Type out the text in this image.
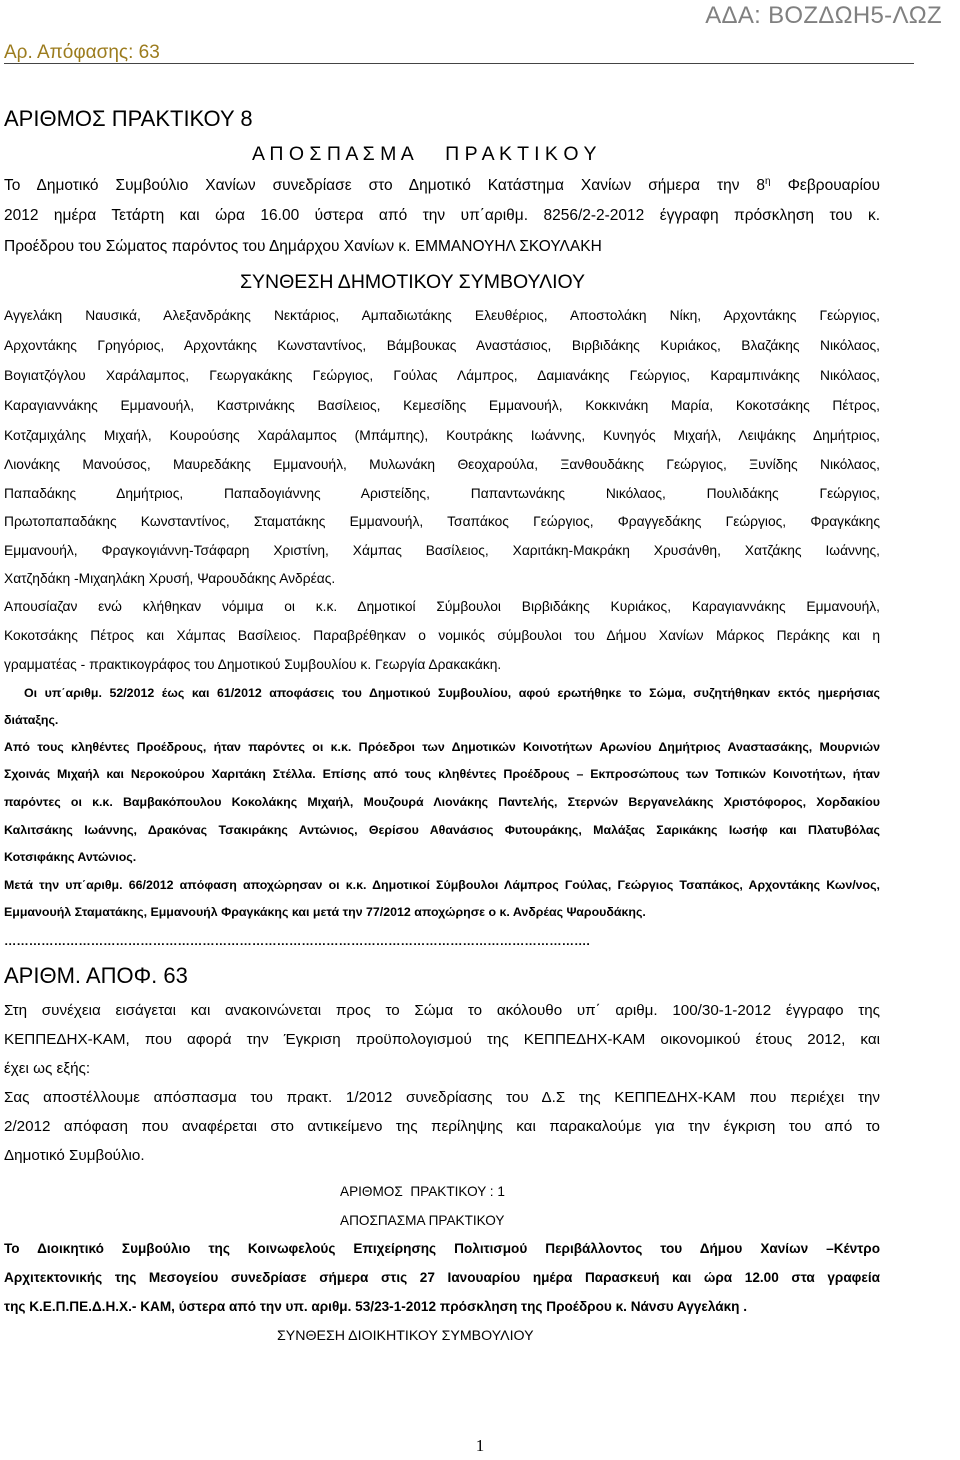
ΑΔΑ: ΒΟΖΔΩΗ5-ΛΩΖ
Αρ. Απόφασης: 63

ΑΡΙΘΜΟΣ ΠΡΑΚΤΙΚΟΥ 8

Α Π Ο Σ Π Α Σ Μ Α      Π Ρ Α Κ Τ Ι Κ Ο Υ

Το Δημοτικό Συμβούλιο Χανίων συνεδρίασε στο Δημοτικό Κατάστημα Χανίων σήμερα την $8^\eta$ Φεβρουαρίου

2012 ημέρα Τετάρτη και ώρα 16.00 ύστερα από την υπ΄αριθμ. 8256/2-2-2012 έγγραφη πρόσκληση του κ.

Προέδρου του Σώματος παρόντος του Δημάρχου Χανίων κ. ΕΜΜΑΝΟΥΗΛ ΣΚΟΥΛΑΚΗ

ΣΥΝΘΕΣΗ ΔΗΜΟΤΙΚΟΥ ΣΥΜΒΟΥΛΙΟΥ

Αγγελάκη Ναυσικά, Αλεξανδράκης Νεκτάριος, Αμπαδιωτάκης Ελευθέριος, Αποστολάκη Νίκη, Αρχοντάκης Γεώργιος,

Αρχοντάκης Γρηγόριος, Αρχοντάκης Κωνσταντίνος, Βάμβουκας Αναστάσιος, Βιρβιδάκης Κυριάκος, Βλαζάκης Νικόλαος,

Βογιατζόγλου Χαράλαμπος, Γεωργακάκης Γεώργιος, Γούλας Λάμπρος, Δαμιανάκης Γεώργιος, Καραμπινάκης Νικόλαος,

Καραγιαννάκης Εμμανουήλ, Καστρινάκης Βασίλειος, Κεμεσίδης Εμμανουήλ, Κοκκινάκη Μαρία, Κοκοτσάκης Πέτρος,

Κοτζαμιχάλης Μιχαήλ, Κουρούσης Χαράλαμπος (Μπάμπης), Κουτράκης Ιωάννης, Κυνηγός Μιχαήλ, Λειψάκης Δημήτριος,

Λιονάκης Μανούσος, Μαυρεδάκης Εμμανουήλ, Μυλωνάκη Θεοχαρούλα, Ξανθουδάκης Γεώργιος, Ξυνίδης Νικόλαος,

Παπαδάκης Δημήτριος, Παπαδογιάννης Αριστείδης, Παπαντωνάκης Νικόλαος, Πουλιδάκης Γεώργιος,

Πρωτοπαπαδάκης Κωνσταντίνος, Σταματάκης Εμμανουήλ, Τσαπάκος Γεώργιος, Φραγγεδάκης Γεώργιος, Φραγκάκης

Εμμανουήλ, Φραγκογιάννη-Τσάφαρη Χριστίνη, Χάμπας Βασίλειος, Χαριτάκη-Μακράκη Χρυσάνθη, Χατζάκης Ιωάννης,

Χατζηδάκη -Μιχαηλάκη Χρυσή, Ψαρουδάκης Ανδρέας.

Απουσίαζαν ενώ κλήθηκαν νόμιμα οι κ.κ. Δημοτικοί Σύμβουλοι Βιρβιδάκης Κυριάκος, Καραγιαννάκης Εμμανουήλ,

Κοκοτσάκης Πέτρος και Χάμπας Βασίλειος. Παραβρέθηκαν ο νομικός σύμβουλοι του Δήμου Χανίων Μάρκος Περάκης και η

γραμματέας - πρακτικογράφος του Δημοτικού Συμβουλίου κ. Γεωργία Δρακακάκη.

Οι υπ΄αριθμ. 52/2012 έως και 61/2012 αποφάσεις του Δημοτικού Συμβουλίου, αφού ερωτήθηκε το Σώμα, συζητήθηκαν εκτός ημερήσιας

διάταξης.

Από τους κληθέντες Προέδρους, ήταν παρόντες οι κ.κ. Πρόεδροι των Δημοτικών Κοινοτήτων Αρωνίου Δημήτριος Αναστασάκης, Μουρνιών

Σχοινάς Μιχαήλ και Νεροκούρου Χαριτάκη Στέλλα. Επίσης από τους κληθέντες Προέδρους – Εκπροσώπους των Τοπικών Κοινοτήτων, ήταν

παρόντες οι κ.κ. Βαμβακόπουλου Κοκολάκης Μιχαήλ, Μουζουρά Λιονάκης Παντελής, Στερνών Βεργανελάκης Χριστόφορος, Χορδακίου

Καλιτσάκης Ιωάννης, Δρακόνας Τσακιράκης Αντώνιος, Θερίσου Αθανάσιος Φυτουράκης, Μαλάξας Σαρικάκης Ιωσήφ και Πλατυβόλας

Κοτσιφάκης Αντώνιος.

Μετά την υπ΄αριθμ. 66/2012 απόφαση αποχώρησαν οι κ.κ. Δημοτικοί Σύμβουλοι Λάμπρος Γούλας, Γεώργιος Τσαπάκος, Αρχοντάκης Κων/νος,

Εμμανουήλ Σταματάκης, Εμμανουήλ Φραγκάκης και μετά την 77/2012 αποχώρησε ο κ. Ανδρέας Ψαρουδάκης.

…………………………………………………………………………………………………………………………….

ΑΡΙΘΜ. ΑΠΟΦ. 63

Στη συνέχεια εισάγεται και ανακοινώνεται προς το Σώμα το ακόλουθο υπ΄ αριθμ. 100/30-1-2012 έγγραφο της

ΚΕΠΠΕΔΗΧ-ΚΑΜ, που αφορά την Έγκριση προϋπολογισμού της ΚΕΠΠΕΔΗΧ-ΚΑΜ οικονομικού έτους 2012, και

έχει ως εξής:

Σας αποστέλλουμε απόσπασμα του πρακτ. 1/2012 συνεδρίασης του Δ.Σ της ΚΕΠΠΕΔΗΧ-ΚΑΜ που περιέχει την

2/2012 απόφαση που αναφέρεται στο αντικείμενο της περίληψης και παρακαλούμε για την έγκριση του από το

Δημοτικό Συμβούλιο.

ΑΡΙΘΜΟΣ  ΠΡΑΚΤΙΚΟΥ : 1

ΑΠΟΣΠΑΣΜΑ ΠΡΑΚΤΙΚΟΥ

Το Διοικητικό Συμβούλιο της Κοινωφελούς Επιχείρησης Πολιτισμού Περιβάλλοντος του Δήμου Χανίων –Κέντρο

Αρχιτεκτονικής της Μεσογείου συνεδρίασε σήμερα στις 27 Ιανουαρίου ημέρα Παρασκευή και ώρα 12.00 στα γραφεία

της Κ.Ε.Π.ΠΕ.Δ.Η.Χ.- ΚΑΜ, ύστερα από την υπ. αριθμ. 53/23-1-2012 πρόσκληση της Προέδρου κ. Νάνσυ Αγγελάκη .

ΣΥΝΘΕΣΗ ΔΙΟΙΚΗΤΙΚΟΥ ΣΥΜΒΟΥΛΙΟΥ

1
